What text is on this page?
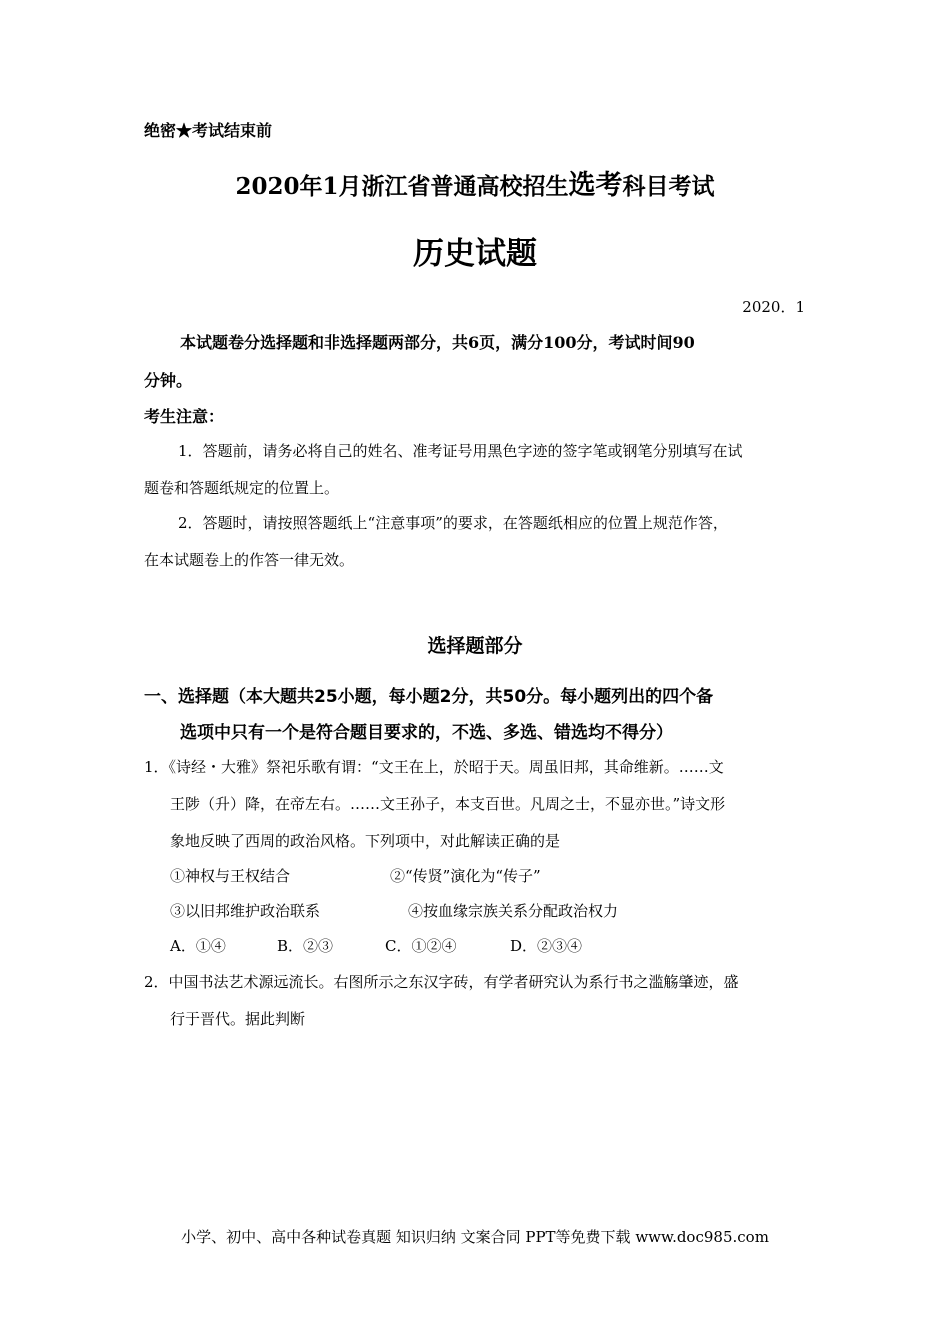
绝密★考试结束前
2020年1月浙江省普通高校招生选考科目考试
历史试题
2020．1
本试题卷分选择题和非选择题两部分，共6页，满分100分，考试时间90
分钟。
考生注意：
1．答题前，请务必将自己的姓名、准考证号用黑色字迹的签字笔或钢笔分别填写在试
题卷和答题纸规定的位置上。
2．答题时，请按照答题纸上“注意事项”的要求，在答题纸相应的位置上规范作答，
在本试题卷上的作答一律无效。
选择题部分
一、选择题（本大题共25小题，每小题2分，共50分。每小题列出的四个备
选项中只有一个是符合题目要求的，不选、多选、错选均不得分）
1．《诗经・大雅》祭祀乐歌有谓：“文王在上，於昭于天。周虽旧邦，其命维新。……文
王陟（升）降，在帝左右。……文王孙子，本支百世。凡周之士，不显亦世。”诗文形
象地反映了西周的政治风格。下列项中，对此解读正确的是
①神权与王权结合	②“传贤”演化为“传子”
③以旧邦维护政治联系	④按血缘宗族关系分配政治权力
A．①④	B．②③	C．①②④	D．②③④
2．中国书法艺术源远流长。右图所示之东汉字砖，有学者研究认为系行书之滥觞肇迹，盛
行于晋代。据此判断
小学、初中、高中各种试卷真题 知识归纳 文案合同 PPT等免费下载 www.doc985.com
